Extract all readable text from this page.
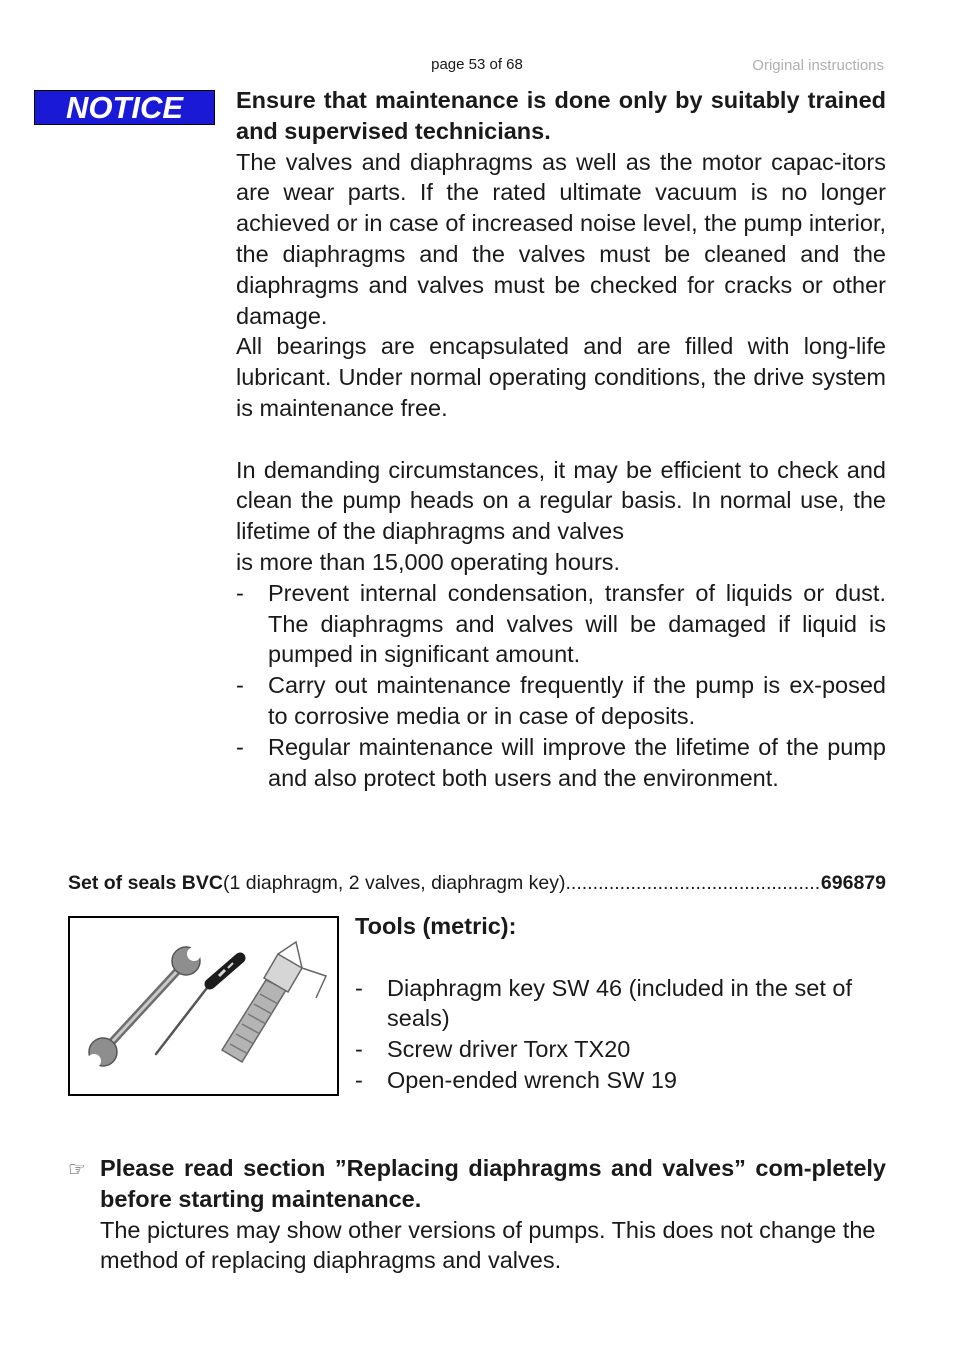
page 53 of 68	Original instructions
NOTICE	Ensure that maintenance is done only by suitably trained and supervised technicians.

The valves and diaphragms as well as the motor capac-itors are wear parts. If the rated ultimate vacuum is no longer achieved or in case of increased noise level, the pump interior, the diaphragms and the valves must be cleaned and the diaphragms and valves must be checked for cracks or other damage.

All bearings are encapsulated and are filled with long-life lubricant. Under normal operating conditions, the drive system is maintenance free.

In demanding circumstances, it may be efficient to check and clean the pump heads on a regular basis. In normal use, the lifetime of the diaphragms and valves

is more than 15,000 operating hours.

- Prevent internal condensation, transfer of liquids or dust. The diaphragms and valves will be damaged if liquid is pumped in significant amount.
- Carry out maintenance frequently if the pump is ex-posed to corrosive media or in case of deposits.
- Regular maintenance will improve the lifetime of the pump and also protect both users and the environment.
Set of seals BVC (1 diaphragm, 2 valves, diaphragm key)
.....	696879

Tools (metric):

- Diaphragm key SW 46 (included in the set of seals)
- Screw driver Torx TX20
- Open-ended wrench SW 19
☞ Please read section ”Replacing diaphragms and valves” com-pletely before starting maintenance.

The pictures may show other versions of pumps. This does not change the method of replacing diaphragms and valves.
